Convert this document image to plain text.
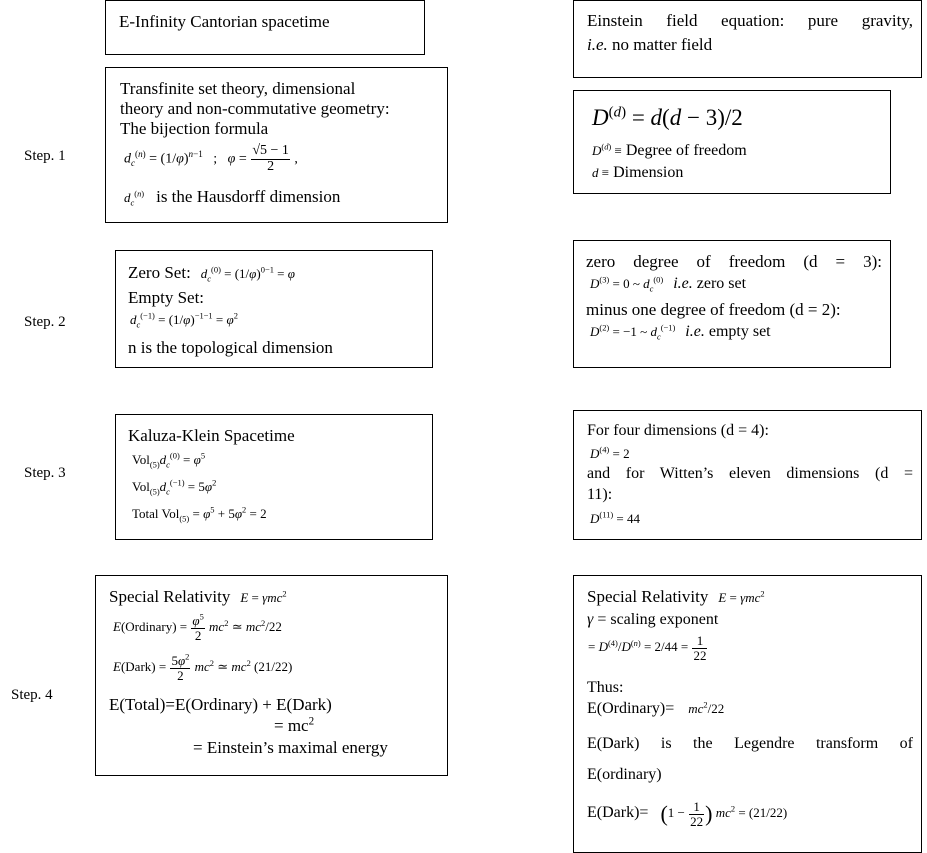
Step. 1
Step. 2
Step. 3
Step. 4
E-Infinity Cantorian spacetime
Transfinite set theory, dimensional
theory and non-commutative geometry:
The bijection formula
$d_c^{(n)} = (1/\varphi)^{n-1}$   ;   $\varphi = \frac{√5 - 1}{2}$ ,
$d_c^{(n)}$ is the Hausdorff dimension
Zero Set: $d_c^{(0)} = (1/\varphi)^{0-1} = \varphi$
Empty Set:
$d_c^{(-1)} = (1/\varphi)^{-1-1} = \varphi^2$
n is the topological dimension
Kaluza-Klein Spacetime
$Vol_{(5)}d_c^{(0)} = \varphi^5$
$Vol_{(5)}d_c^{(-1)} = 5\varphi^2$
Total $Vol_{(5)} = \varphi^5 + 5\varphi^2 = 2$
Special Relativity E = γmc$^2$
E(Ordinary) = $\frac{\varphi^5}{2} mc^2$ ≃ $mc^2/22$
E(Dark) = $\frac{5\varphi^2}{2} mc^2$ ≃ $mc^2$ (21/22)
E(Total)=E(Ordinary) + E(Dark)
= $mc^2$
= Einstein’s maximal energy
Einstein field equation: pure gravity,
i.e. no matter field
$D^{(d)} = d(d - 3)/2$
$D^{(d)}$ ≡ Degree of freedom
d ≡ Dimension
zero degree of freedom (d = 3):
$D^{(3)} = 0$ ~ $d_c^{(0)}$ i.e. zero set
minus one degree of freedom (d = 2):
$D^{(2)} = -1$ ~ $d_c^{(-1)}$ i.e. empty set
For four dimensions (d = 4):
$D^{(4)} = 2$
and for Witten’s eleven dimensions (d =
11):
$D^{(11)} = 44$
Special Relativity E = γmc$^2$
γ = scaling exponent
= $D^{(4)}/D^{(n)} = 2/44 = \frac{1}{22}$
Thus:
E(Ordinary)= $mc^2/22$
E(Dark) is the Legendre transform of
E(ordinary)
E(Dark)= ($1 - \frac{1}{22}$ ) $mc^2 = (21/22)$
